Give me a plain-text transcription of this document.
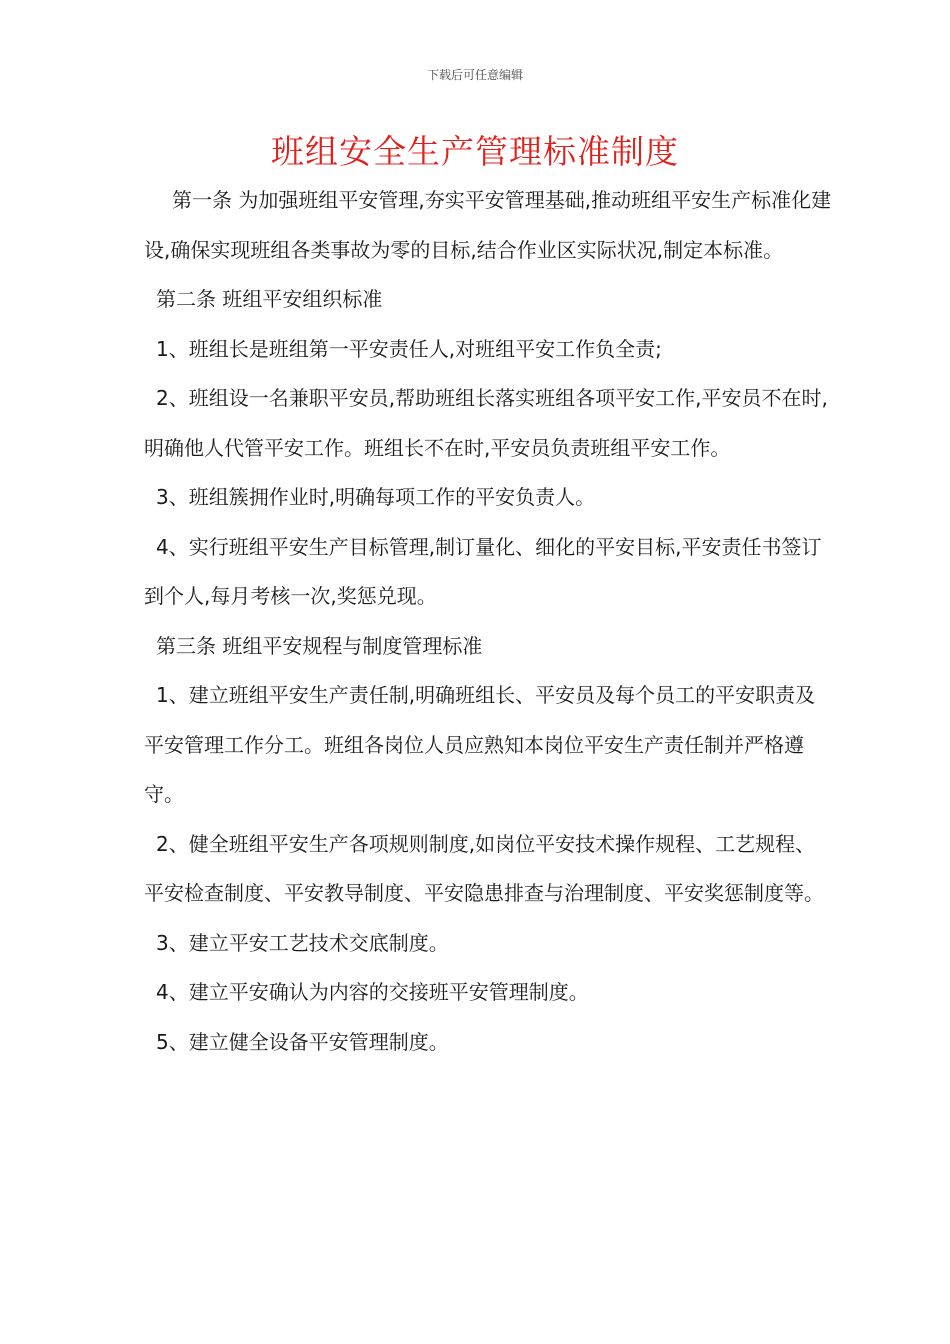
下载后可任意编辑
班组安全生产管理标准制度

第一条 为加强班组平安管理,夯实平安管理基础,推动班组平安生产标准化建设,确保实现班组各类事故为零的目标,结合作业区实际状况,制定本标准。

第二条 班组平安组织标准

1、班组长是班组第一平安责任人,对班组平安工作负全责;

2、班组设一名兼职平安员,帮助班组长落实班组各项平安工作,平安员不在时,明确他人代管平安工作。班组长不在时,平安员负责班组平安工作。

3、班组簇拥作业时,明确每项工作的平安负责人。

4、实行班组平安生产目标管理,制订量化、细化的平安目标,平安责任书签订到个人,每月考核一次,奖惩兑现。

第三条 班组平安规程与制度管理标准

1、建立班组平安生产责任制,明确班组长、平安员及每个员工的平安职责及平安管理工作分工。班组各岗位人员应熟知本岗位平安生产责任制并严格遵守。

2、健全班组平安生产各项规则制度,如岗位平安技术操作规程、工艺规程、平安检查制度、平安教导制度、平安隐患排查与治理制度、平安奖惩制度等。

3、建立平安工艺技术交底制度。

4、建立平安确认为内容的交接班平安管理制度。

5、建立健全设备平安管理制度。
